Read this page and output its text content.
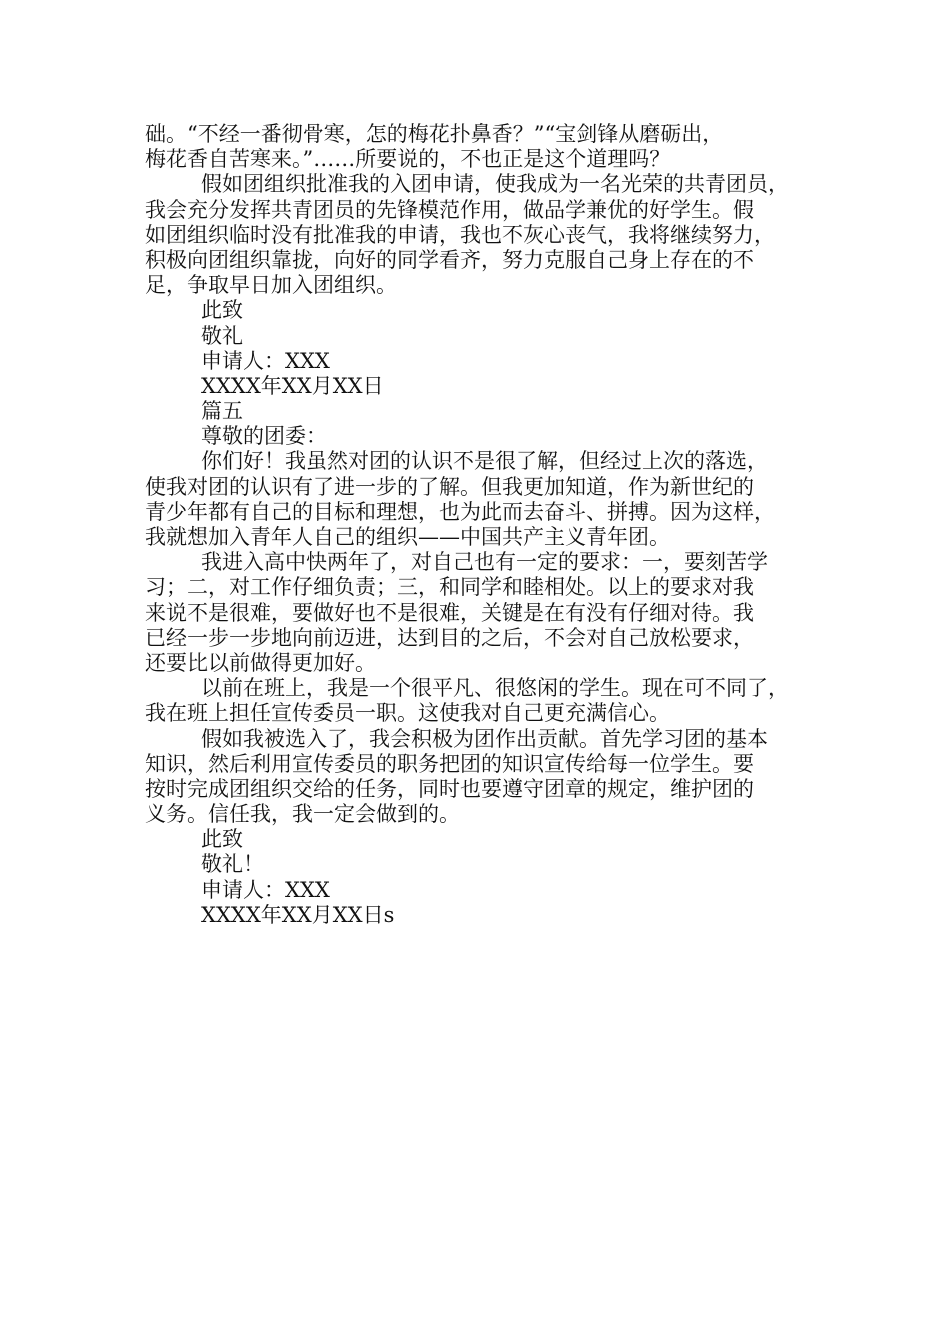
础。“不经一番彻骨寒，怎的梅花扑鼻香？”“宝剑锋从磨砺出，
梅花香自苦寒来。”……所要说的，不也正是这个道理吗？
假如团组织批准我的入团申请，使我成为一名光荣的共青团员，
我会充分发挥共青团员的先锋模范作用，做品学兼优的好学生。假
如团组织临时没有批准我的申请，我也不灰心丧气，我将继续努力，
积极向团组织靠拢，向好的同学看齐，努力克服自己身上存在的不
足，争取早日加入团组织。
此致
敬礼
申请人：XXX
XXXX年XX月XX日
篇五
尊敬的团委：
你们好！我虽然对团的认识不是很了解，但经过上次的落选，
使我对团的认识有了进一步的了解。但我更加知道，作为新世纪的
青少年都有自己的目标和理想，也为此而去奋斗、拼搏。因为这样，
我就想加入青年人自己的组织——中国共产主义青年团。
我进入高中快两年了，对自己也有一定的要求：一，要刻苦学
习；二，对工作仔细负责；三，和同学和睦相处。以上的要求对我
来说不是很难，要做好也不是很难，关键是在有没有仔细对待。我
已经一步一步地向前迈进，达到目的之后，不会对自己放松要求，
还要比以前做得更加好。
以前在班上，我是一个很平凡、很悠闲的学生。现在可不同了，
我在班上担任宣传委员一职。这使我对自己更充满信心。
假如我被选入了，我会积极为团作出贡献。首先学习团的基本
知识，然后利用宣传委员的职务把团的知识宣传给每一位学生。要
按时完成团组织交给的任务，同时也要遵守团章的规定，维护团的
义务。信任我，我一定会做到的。
此致
敬礼！
申请人：XXX
XXXX年XX月XX日s
